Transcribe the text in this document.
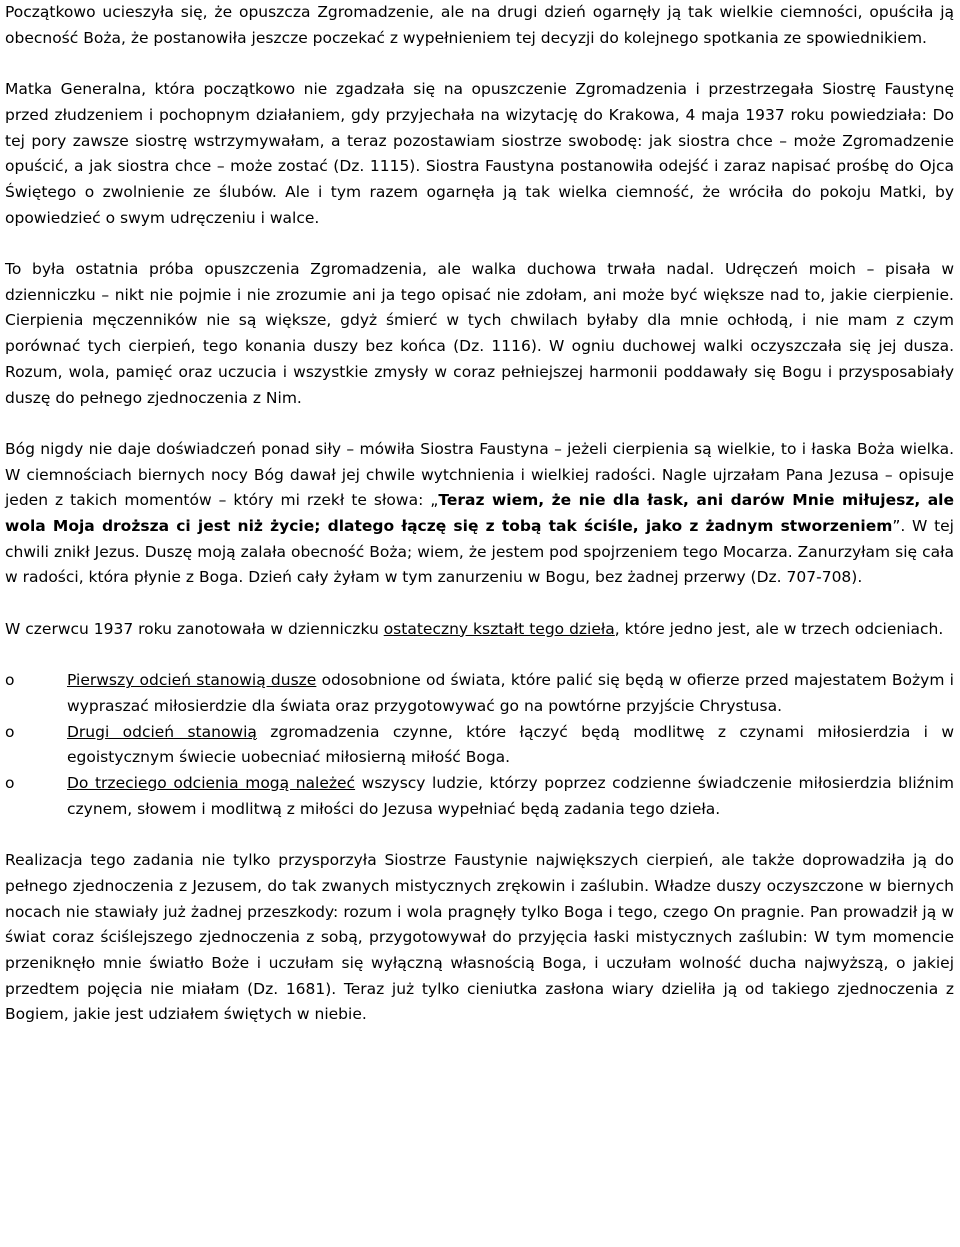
Początkowo ucieszyła się, że opuszcza Zgromadzenie, ale na drugi dzień ogarnęły ją tak wielkie ciemności, opuściła ją obecność Boża, że postanowiła jeszcze poczekać z wypełnieniem tej decyzji do kolejnego spotkania ze spowiednikiem.

Matka Generalna, która początkowo nie zgadzała się na opuszczenie Zgromadzenia i przestrzegała Siostrę Faustynę przed złudzeniem i pochopnym działaniem, gdy przyjechała na wizytację do Krakowa, 4 maja 1937 roku powiedziała: Do tej pory zawsze siostrę wstrzymywałam, a teraz pozostawiam siostrze swobodę: jak siostra chce – może Zgromadzenie opuścić, a jak siostra chce – może zostać (Dz. 1115). Siostra Faustyna postanowiła odejść i zaraz napisać prośbę do Ojca Świętego o zwolnienie ze ślubów. Ale i tym razem ogarnęła ją tak wielka ciemność, że wróciła do pokoju Matki, by opowiedzieć o swym udręczeniu i walce.

To była ostatnia próba opuszczenia Zgromadzenia, ale walka duchowa trwała nadal. Udręczeń moich – pisała w dzienniczku – nikt nie pojmie i nie zrozumie ani ja tego opisać nie zdołam, ani może być większe nad to, jakie cierpienie. Cierpienia męczenników nie są większe, gdyż śmierć w tych chwilach byłaby dla mnie ochłodą, i nie mam z czym porównać tych cierpień, tego konania duszy bez końca (Dz. 1116). W ogniu duchowej walki oczyszczała się jej dusza. Rozum, wola, pamięć oraz uczucia i wszystkie zmysły w coraz pełniejszej harmonii poddawały się Bogu i przysposabiały duszę do pełnego zjednoczenia z Nim.

Bóg nigdy nie daje doświadczeń ponad siły – mówiła Siostra Faustyna – jeżeli cierpienia są wielkie, to i łaska Boża wielka. W ciemnościach biernych nocy Bóg dawał jej chwile wytchnienia i wielkiej radości. Nagle ujrzałam Pana Jezusa – opisuje jeden z takich momentów – który mi rzekł te słowa: „Teraz wiem, że nie dla łask, ani darów Mnie miłujesz, ale wola Moja droższa ci jest niż życie; dlatego łączę się z tobą tak ściśle, jako z żadnym stworzeniem”. W tej chwili znikł Jezus. Duszę moją zalała obecność Boża; wiem, że jestem pod spojrzeniem tego Mocarza. Zanurzyłam się cała w radości, która płynie z Boga. Dzień cały żyłam w tym zanurzeniu w Bogu, bez żadnej przerwy (Dz. 707-708).

W czerwcu 1937 roku zanotowała w dzienniczku ostateczny kształt tego dzieła, które jedno jest, ale w trzech odcieniach.

o	Pierwszy odcień stanowią dusze odosobnione od świata, które palić się będą w ofierze przed majestatem Bożym i wypraszać miłosierdzie dla świata oraz przygotowywać go na powtórne przyjście Chrystusa.
o	Drugi odcień stanowią zgromadzenia czynne, które łączyć będą modlitwę z czynami miłosierdzia i w egoistycznym świecie uobecniać miłosierną miłość Boga.
o	Do trzeciego odcienia mogą należeć wszyscy ludzie, którzy poprzez codzienne świadczenie miłosierdzia bliźnim czynem, słowem i modlitwą z miłości do Jezusa wypełniać będą zadania tego dzieła.

Realizacja tego zadania nie tylko przysporzyła Siostrze Faustynie największych cierpień, ale także doprowadziła ją do pełnego zjednoczenia z Jezusem, do tak zwanych mistycznych zrękowin i zaślubin. Władze duszy oczyszczone w biernych nocach nie stawiały już żadnej przeszkody: rozum i wola pragnęły tylko Boga i tego, czego On pragnie. Pan prowadził ją w świat coraz ściślejszego zjednoczenia z sobą, przygotowywał do przyjęcia łaski mistycznych zaślubin: W tym momencie przeniknęło mnie światło Boże i uczułam się wyłączną własnością Boga, i uczułam wolność ducha najwyższą, o jakiej przedtem pojęcia nie miałam (Dz. 1681). Teraz już tylko cieniutka zasłona wiary dzieliła ją od takiego zjednoczenia z Bogiem, jakie jest udziałem świętych w niebie.
